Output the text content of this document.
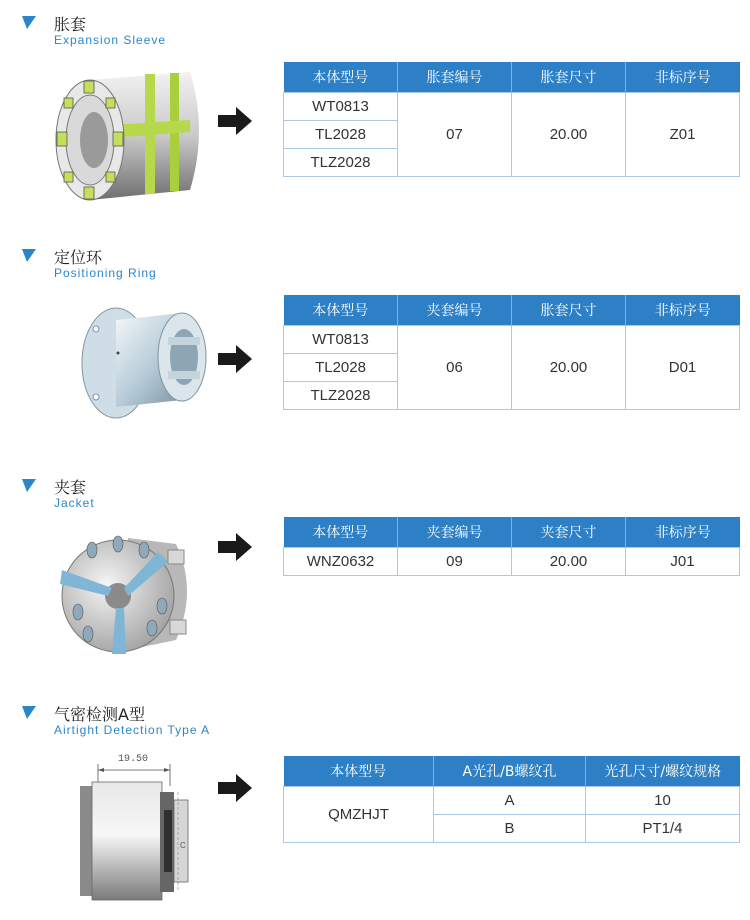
胀套
Expansion Sleeve
本体型号	胀套编号	胀套尺寸	非标序号
WT0813	07	20.00	Z01
TL2028			
TLZ2028			
定位环
Positioning Ring
本体型号	夹套编号	胀套尺寸	非标序号
WT0813	06	20.00	D01
TL2028			
TLZ2028			
夹套
Jacket
本体型号	夹套编号	夹套尺寸	非标序号
WNZ0632	09	20.00	J01
气密检测A型
Airtight Detection Type A
C
19.50
本体型号	A光孔/B螺纹孔	光孔尺寸/螺纹规格
QMZHJT	A	10
	B	PT1/4
